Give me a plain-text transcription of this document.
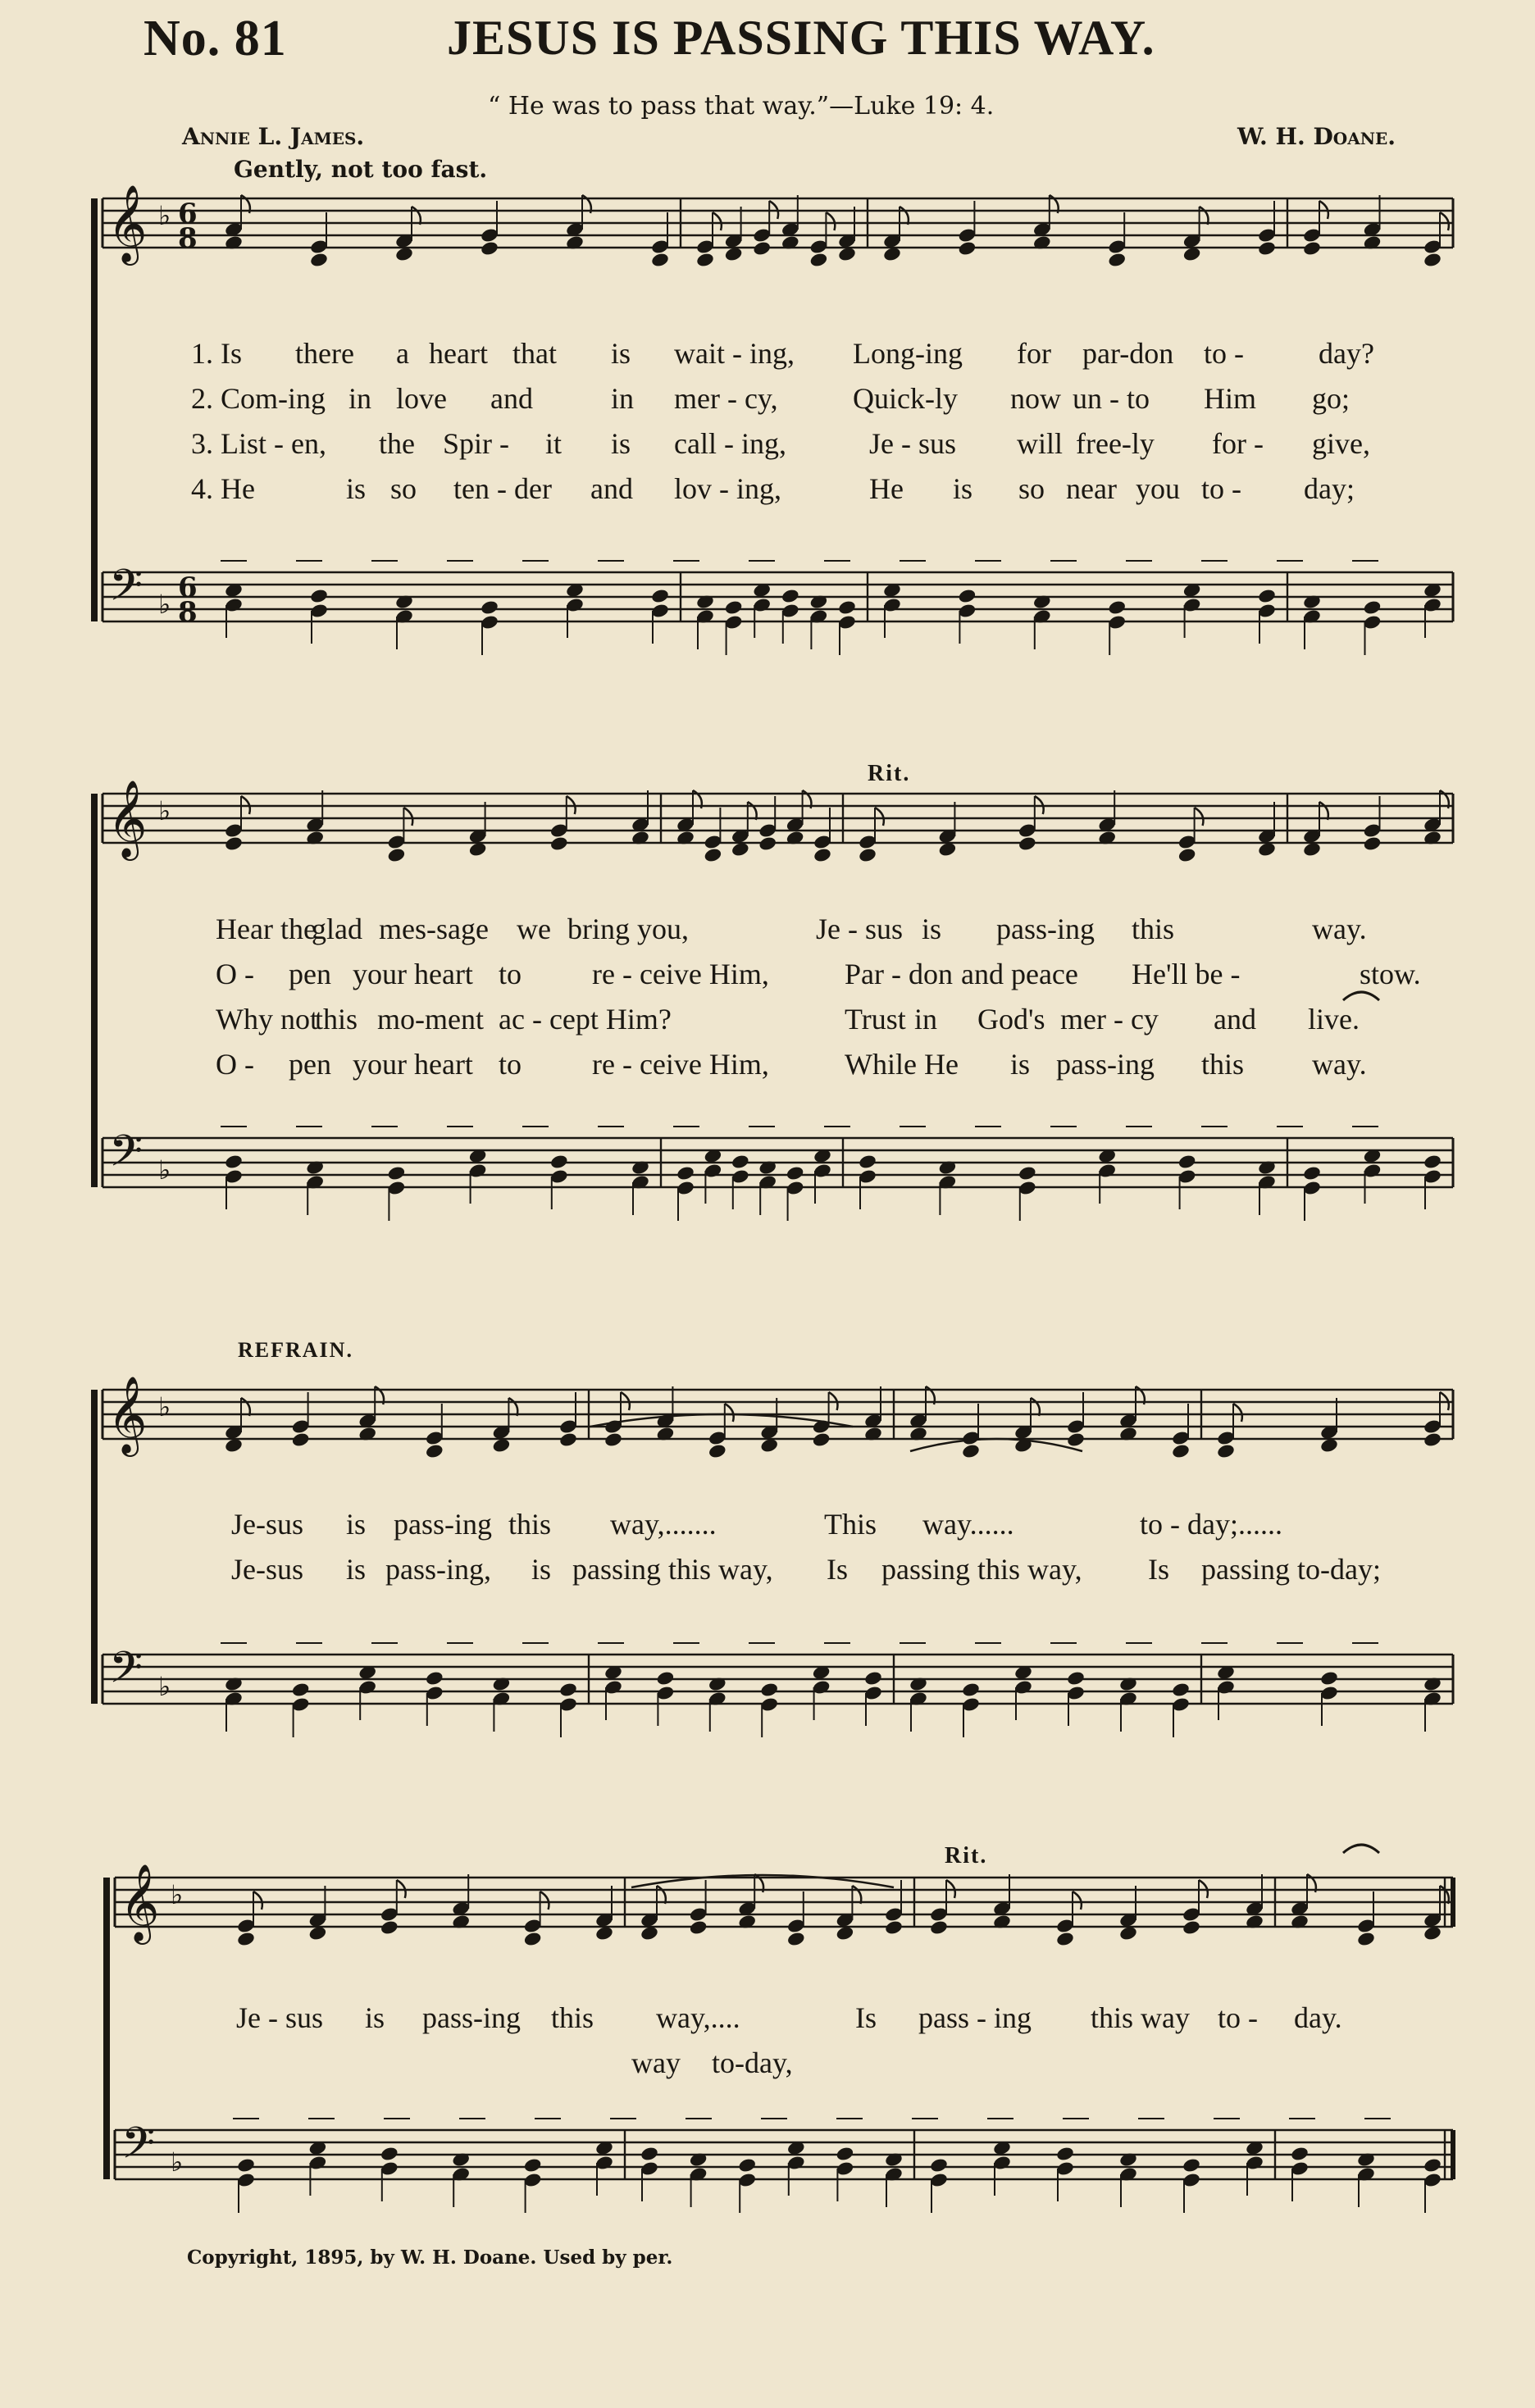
𝄞 ♭ 6
8
𝄢 ♭ 6
8
𝄞 ♭
𝄢 ♭
𝄞 ♭
𝄢 ♭
𝄞 ♭
𝄢 ♭
No. 81	JESUS IS PASSING THIS WAY.
“ He was to pass that way.”—Luke 19: 4.
Annie L. James.	W. H. Doane.
Gently, not too fast.
Rit.
REFRAIN.
Rit.
1. Is there a heart that is wait - ing, Long-ing for par-don to -	day?
2. Com-ing in love and	in mer - cy,	Quick-ly now un - to Him go;
3. List - en, the Spir - it is call - ing,	Je - sus will free-ly for - give,
4. He	is so ten - der and lov - ing,	He is so near you to - day;
Hear the
glad mes-sage we bring you,	Je - sus is pass-ing this	way.
O - pen your heart to re - ceive Him,	Par - don and peace He'll be -	stow.
Why not
this mo-ment ac - cept Him?	Trust in God's mer - cy and live.
O - pen your heart to re - ceive Him,	While He is pass-ing this way.
Je-sus is pass-ing this way,.......	This way......	to - day;......
Je-sus is pass-ing, is passing this way, Is passing this way, Is passing to-day;
Je - sus is pass-ing this way,....	Is pass - ing this way to - day.
way to-day,
Copyright, 1895, by W. H. Doane. Used by per.
